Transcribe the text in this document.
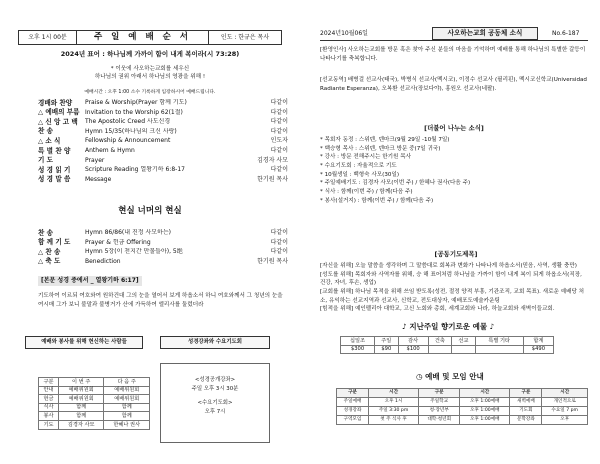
오후 1시 00분	주 일 예 배 순 서	인도 : 한규은 목사
2024년 표어 : 하나님께 가까이 함이 내게 복이라(시 73:28)
* 이웃에 사오하는교회를 세우신
하나님의 권위 아래서 하나님의 영광을 위해 !
예배시간 : 오후 1:00 소수 기록하게 입장하시어 예배드립니다.
경배와 찬양	Praise & Worship(Prayer 함께 기도)	다같이
△ 예배의 부름 Invitation to the Worship 62(1절)	다같이
△ 신 앙 고 백	The Apostolic Creed 사도신경	다같이
찬 송	Hymn 15/35(하나님의 크신 사랑)	다같이
△ 소 식	Fellowship & Announcement	인도자
특 별 찬 양	Anthem & Hymn	다같이
기 도	Prayer	김경자 사모
성 경 읽 기	Scripture Reading 열왕기하 6:8-17	다같이
성 경 말 씀	Message	한기원 목사
현실 너머의 현실
찬 송	Hymn 86/86(내 진정 사모하는)	다같이
함 께 기 도	Prayer & 헌금 Offering	다같이
△ 찬 송	Hymn 5장(이 천지간 만물들아), 5绝	다같이
△ 축 도	Benediction	한기원 목사
[본문 성경 중에서 _ 열왕기하 6:17]
기도하여 이르되 여호와여 원하건대 그의 눈을 열어서 보게 하옵소서 하니 여호와께서 그 청년의 눈을 여시매 그가 보니 불말과 불병거가 산에 가득하여 엘리사를 둘렀더라
예배와 봉사를 위해 헌신하는 사람들	성경강좌와 수요기도회
구분	이 번 주	다 음 주
안내	예배위원회	예배위원회
헌금	예배위원회	예배위원회
식사	함께	함께
봉사	함께	함께
기도	김경자 사모	한혜나 권사
<성경공개강좌>
주일 오후 3시 30분
<수요기도회>
오후 7시
2024년10월06일	사오하는교회 공동체 소식	No.6-187
[환영인사] 사오하는교회를 방문 혹은 찾아 주신 분들의 마음을 기억하며 예배를 통해 하나님의 특별한 갈등이 나타나기를 축복합니다.
[선교동역] 배병걸 선교사(태국), 박병식 선교사(멕시코), 이정수 선교사 (필리핀), 멕시코신학교(Universidad Radiante Esperanza), 오복환 선교사(장보다야), 홍원오 선교사(네팔).
[더불어 나누는 소식]
* 목회자 동정 : 스위덴, 덴마크(9월 29일 -10월 7일)
* 백승형 목사 : 스위덴, 덴마크 방문 중(7일 귀국)
* 강사 : 방문 전해주시는 한기원 목사
* 수요기도회 : 자율적으로 기도
* 10월생일 : 백형숙 사모(30일)
* 주일예배기도 : 김경자 사모(이번 주) / 한혜나 권사(다음 주)
* 식사 : 함께(이번 주) / 함께(다음 주)
* 봉사(설거지) : 함께(이번 주) / 함께(다음 주)
[공동기도제목]
[자신을 위해] 오늘 말씀을 생각하며 그 말씀대로 회복과 변화가 나타나게 하옵소서(믿음, 사역, 생활 충만)
[성도를 위해] 목회자와 사역자를 위해, 승 해 표어처럼 하나님을 가까이 함이 내게 복이 되게 하옵소서(직장, 건강, 자녀, 후손, 생업)
[교회를 위해] 하나님 목적을 위해 쓰임 받도록(성전, 절정 양적 부흥, 기관조직, 교회 목표). 새로운 예배당 처소, 유익하는 선교지역과 선교사, 신학교, 전도대상자, 예배포도예술카운팅
[힘적을 위해] 예인펠리아 대학교, 고신 노회와 총회, 세계교회와 나라, 하늘교회와 새벽이들교회.
♪ 지난주일 향기로운 예물 ♪
십일조	주일	감사	건축	선교	특별 기타	합계
$300	$90	$100				$490
◷ 예배 및 모임 안내
구분	시간	구분	시간	구분	시간
주일예배	오후 1시	주일학교	오후 1:00예배	새벽예배	개인적으로
성경강좌	주일 3:30 pm	청·장년부	오후 1:00예배	기도회	수요일 7 pm
구역모임	첫 주 식사 후	대학·청년회	오후 1:00예배	문학강좌	오후
